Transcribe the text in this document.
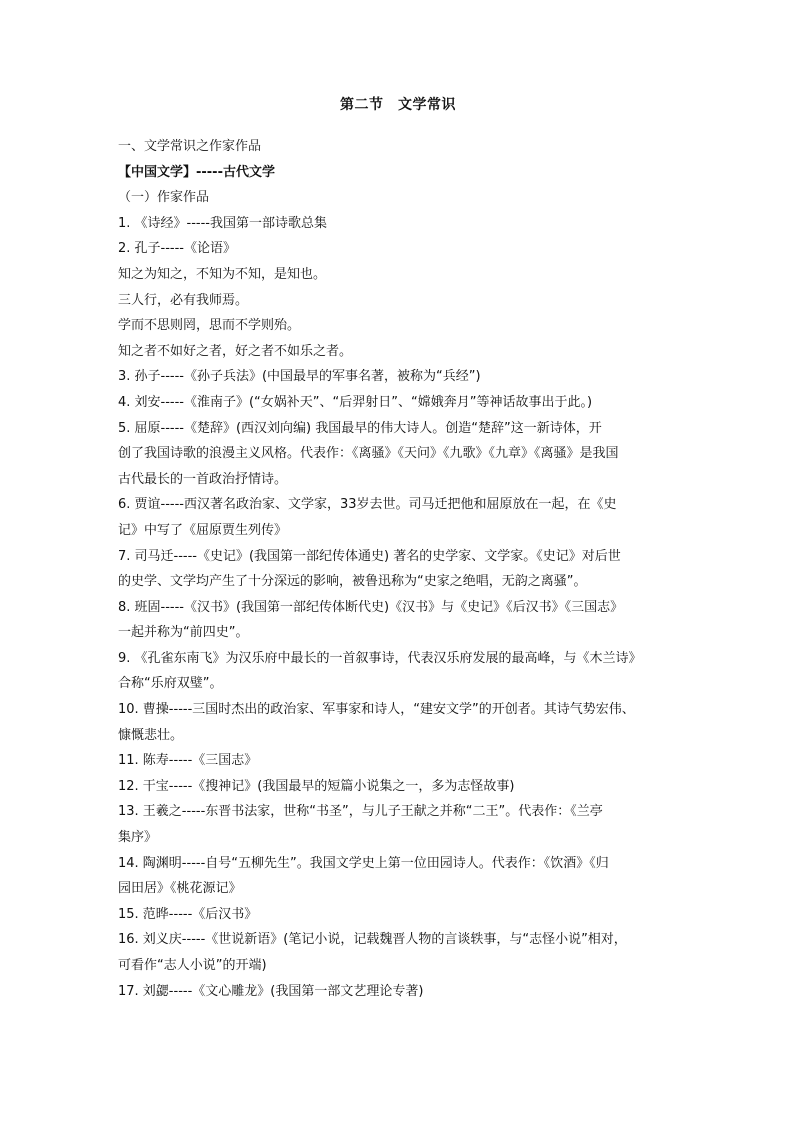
第二节　文学常识
一、文学常识之作家作品
【中国文学】-----古代文学
（一）作家作品
1. 《诗经》-----我国第一部诗歌总集
2. 孔子-----《论语》
知之为知之，不知为不知，是知也。
三人行，必有我师焉。
学而不思则罔，思而不学则殆。
知之者不如好之者，好之者不如乐之者。
3. 孙子-----《孙子兵法》(中国最早的军事名著，被称为“兵经”)
4. 刘安-----《淮南子》(“女娲补天”、“后羿射日”、“嫦娥奔月”等神话故事出于此。)
5. 屈原-----《楚辞》(西汉刘向编) 我国最早的伟大诗人。创造“楚辞”这一新诗体，开
创了我国诗歌的浪漫主义风格。代表作：《离骚》《天问》《九歌》《九章》《离骚》是我国
古代最长的一首政治抒情诗。
6. 贾谊-----西汉著名政治家、文学家，33岁去世。司马迁把他和屈原放在一起，在《史
记》中写了《屈原贾生列传》
7. 司马迁-----《史记》(我国第一部纪传体通史) 著名的史学家、文学家。《史记》对后世
的史学、文学均产生了十分深远的影响，被鲁迅称为“史家之绝唱，无韵之离骚”。
8. 班固-----《汉书》(我国第一部纪传体断代史)《汉书》与《史记》《后汉书》《三国志》
一起并称为“前四史”。
9. 《孔雀东南飞》为汉乐府中最长的一首叙事诗，代表汉乐府发展的最高峰，与《木兰诗》
合称“乐府双璧”。
10. 曹操-----三国时杰出的政治家、军事家和诗人，“建安文学”的开创者。其诗气势宏伟、
慷慨悲壮。
11. 陈寿-----《三国志》
12. 干宝-----《搜神记》(我国最早的短篇小说集之一，多为志怪故事)
13. 王羲之-----东晋书法家，世称“书圣”，与儿子王献之并称“二王”。代表作：《兰亭
集序》
14. 陶渊明-----自号“五柳先生”。我国文学史上第一位田园诗人。代表作：《饮酒》《归
园田居》《桃花源记》
15. 范晔-----《后汉书》
16. 刘义庆-----《世说新语》(笔记小说，记载魏晋人物的言谈轶事，与“志怪小说”相对，
可看作“志人小说”的开端)
17. 刘勰-----《文心雕龙》(我国第一部文艺理论专著)
